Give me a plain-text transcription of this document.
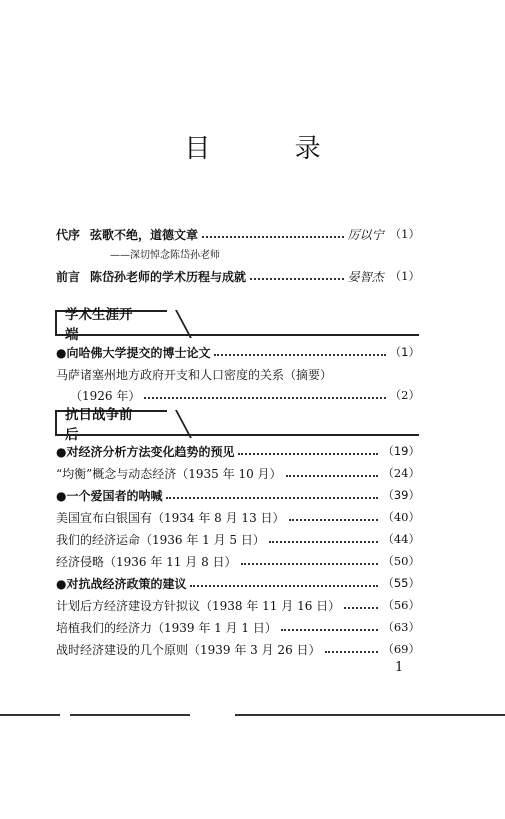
目 录
代序 弦歌不绝，道德文章	厉以宁 （1）
——深切悼念陈岱孙老师
前言 陈岱孙老师的学术历程与成就	晏智杰 （1）
学术生涯开端
●向哈佛大学提交的博士论文	（1）
马萨诸塞州地方政府开支和人口密度的关系（摘要）
（1926 年）	（2）
抗日战争前后
●对经济分析方法变化趋势的预见	（19）
“均衡”概念与动态经济（1935 年 10 月）	（24）
●一个爱国者的呐喊	（39）
美国宣布白银国有（1934 年 8 月 13 日）	（40）
我们的经济运命（1936 年 1 月 5 日）	（44）
经济侵略（1936 年 11 月 8 日）	（50）
●对抗战经济政策的建议	（55）
计划后方经济建设方针拟议（1938 年 11 月 16 日）	（56）
培植我们的经济力（1939 年 1 月 1 日）	（63）
战时经济建设的几个原则（1939 年 3 月 26 日）	（69）
1
